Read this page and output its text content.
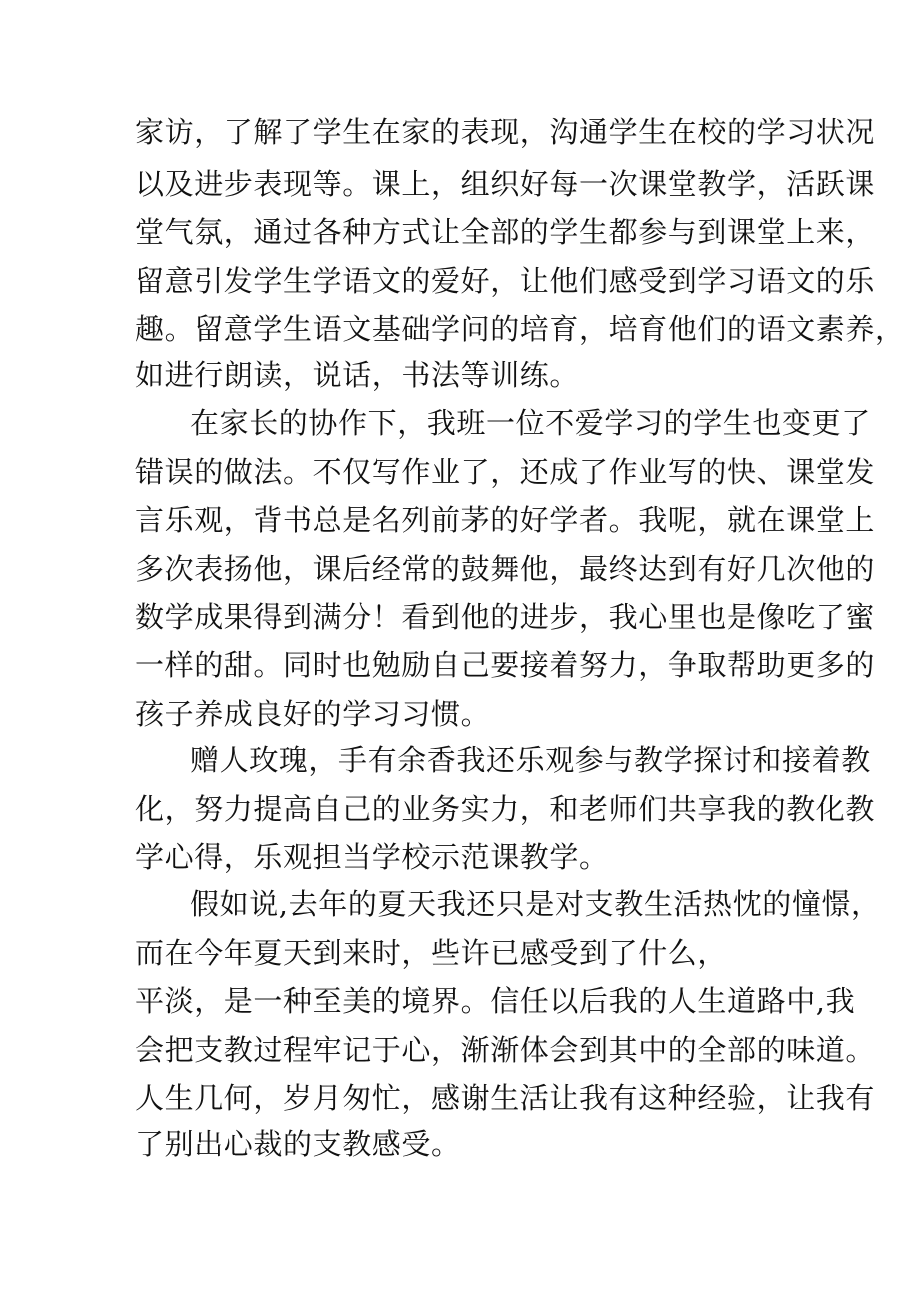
家访，了解了学生在家的表现，沟通学生在校的学习状况

以及进步表现等。课上，组织好每一次课堂教学，活跃课

堂气氛，通过各种方式让全部的学生都参与到课堂上来，

留意引发学生学语文的爱好，让他们感受到学习语文的乐

趣。留意学生语文基础学问的培育，培育他们的语文素养，

如进行朗读，说话，书法等训练。

在家长的协作下，我班一位不爱学习的学生也变更了

错误的做法。不仅写作业了，还成了作业写的快、课堂发

言乐观，背书总是名列前茅的好学者。我呢，就在课堂上

多次表扬他，课后经常的鼓舞他，最终达到有好几次他的

数学成果得到满分！看到他的进步，我心里也是像吃了蜜

一样的甜。同时也勉励自己要接着努力，争取帮助更多的

孩子养成良好的学习习惯。

赠人玫瑰，手有余香我还乐观参与教学探讨和接着教

化，努力提高自己的业务实力，和老师们共享我的教化教

学心得，乐观担当学校示范课教学。

假如说,去年的夏天我还只是对支教生活热忱的憧憬，

而在今年夏天到来时，些许已感受到了什么，

平淡，是一种至美的境界。信任以后我的人生道路中,我

会把支教过程牢记于心，渐渐体会到其中的全部的味道。

人生几何，岁月匆忙，感谢生活让我有这种经验，让我有

了别出心裁的支教感受。
